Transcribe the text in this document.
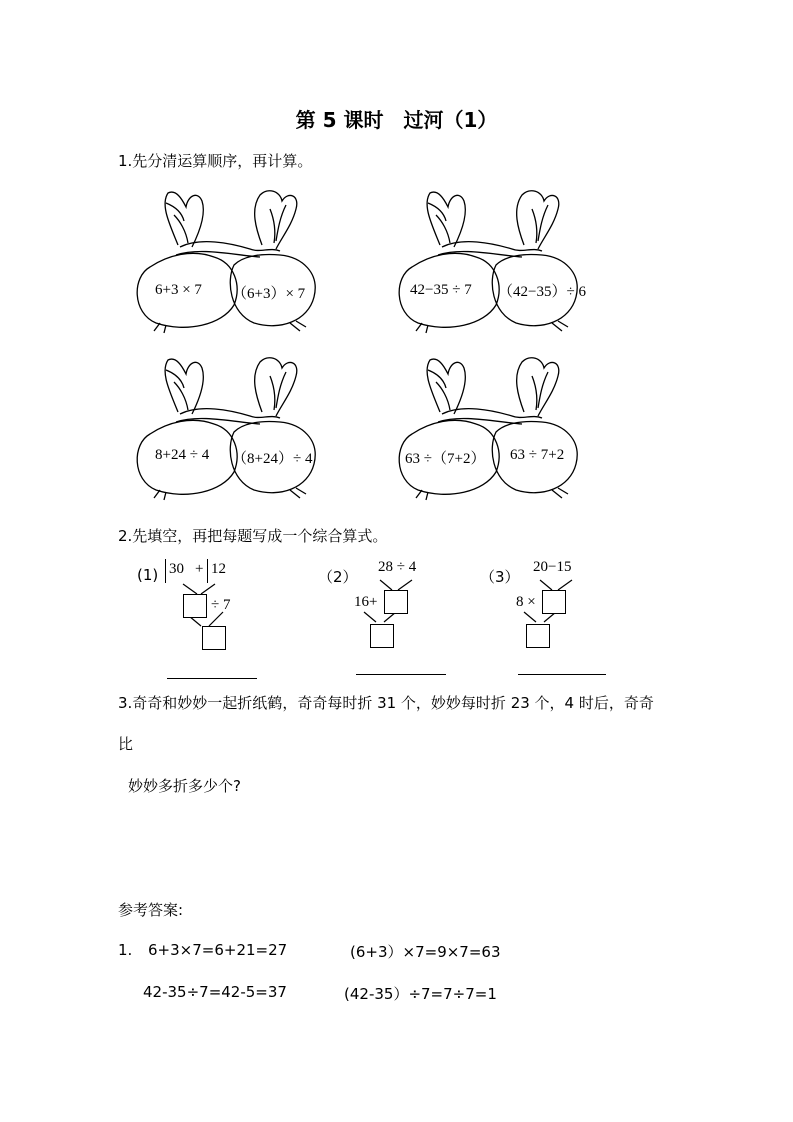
第 5 课时　过河（1）
1.先分清运算顺序，再计算。
6+3 × 7 （6+3）× 7	42−35 ÷ 7 （42−35）÷ 6
8+24 ÷ 4 （8+24）÷ 4	63 ÷（7+2） 63 ÷ 7+2
2.先填空，再把每题写成一个综合算式。
(1) 30 + 12
÷ 7
（2）
28 ÷ 4
16+
（3）
20−15
8 ×
3.奇奇和妙妙一起折纸鹤，奇奇每时折 31 个，妙妙每时折 23 个，4 时后，奇奇
比
妙妙多折多少个?
参考答案:
1. 6+3×7=6+21=27	(6+3）×7=9×7=63
42-35÷7=42-5=37	(42-35）÷7=7÷7=1
